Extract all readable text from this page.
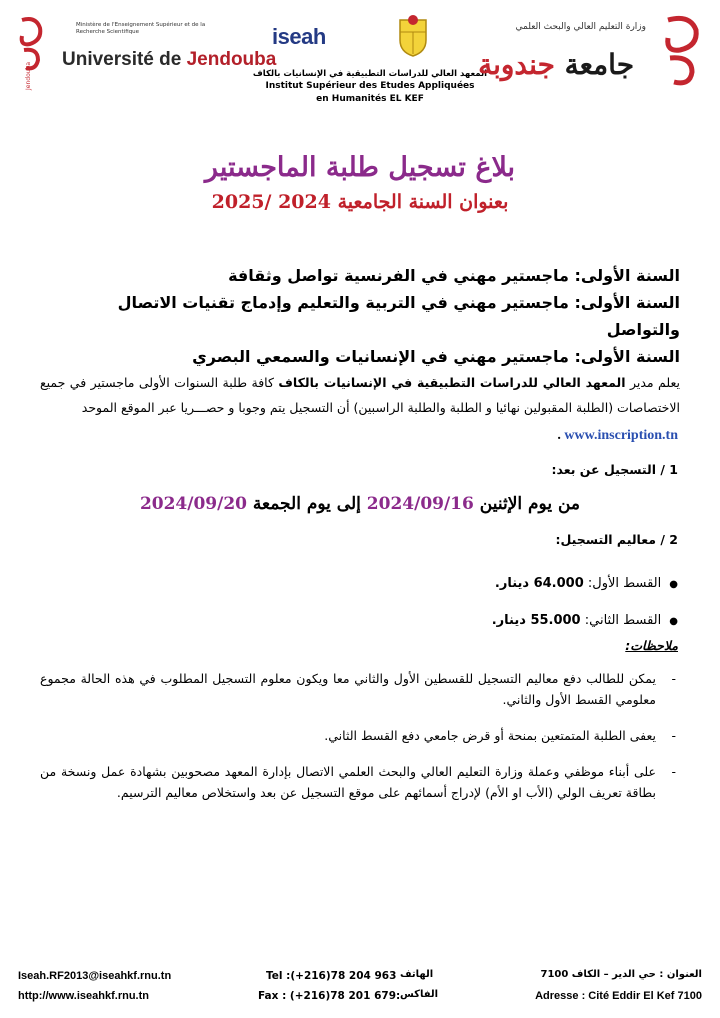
Jendouba
Ministère de l'Enseignement Supérieur et de la Recherche Scientifique
Université de Jendouba
iseah
المعهد العالي للدراسات التطبيقية في الإنسانيات بالكاف
Institut Supérieur des Etudes Appliquées
en Humanités EL KEF
وزارة التعليم العالي والبحث العلمي
جامعة جندوبة
بلاغ تسجيل طلبة الماجستير
بعنوان السنة الجامعية 2024 /2025
السنة الأولى: ماجستير مهني في الفرنسية تواصل وثقافة
السنة الأولى: ماجستير مهني في التربية والتعليم وإدماج تقنيات الاتصال والتواصل
السنة الأولى: ماجستير مهني في الإنسانيات والسمعي البصري
يعلم مدير المعهد العالي للدراسات التطبيقية في الإنسانيات بالكاف كافة طلبة السنوات الأولى ماجستير في جميع الاختصاصات (الطلبة المقبولين نهائيا و الطلبة والطلبة الراسبين) أن التسجيل يتم وجوبا و حصـــريا عبر الموقع الموحد
www.inscription.tn .
1 / التسجيل عن بعد:
من يوم الإثنين 2024/09/16 إلى يوم الجمعة 2024/09/20
2 / معاليم التسجيل:
●القسط الأول: 64.000 دينار.
●القسط الثاني: 55.000 دينار.
ملاحظات:
-
يمكن للطالب دفع معاليم التسجيل للقسطين الأول والثاني معا ويكون معلوم التسجيل المطلوب في هذه الحالة مجموع معلومي القسط الأول والثاني.
-
يعفى الطلبة المتمتعين بمنحة أو قرض جامعي دفع القسط الثاني.
-
على أبناء موظفي وعملة وزارة التعليم العالي والبحث العلمي الاتصال بإدارة المعهد مصحوبين بشهادة عمل ونسخة من بطاقة تعريف الولي (الأب او الأم) لإدراج أسمائهم على موقع التسجيل عن بعد واستخلاص معاليم الترسيم.
Iseah.RF2013@iseahkf.rnu.tn
http://www.iseahkf.rnu.tn
Tel :(+216)78 204 963
Fax : (+216)78 201 679:
الهاتف
الفاكس
العنوان : حي الدير – الكاف 7100
Adresse : Cité Eddir El Kef 7100
